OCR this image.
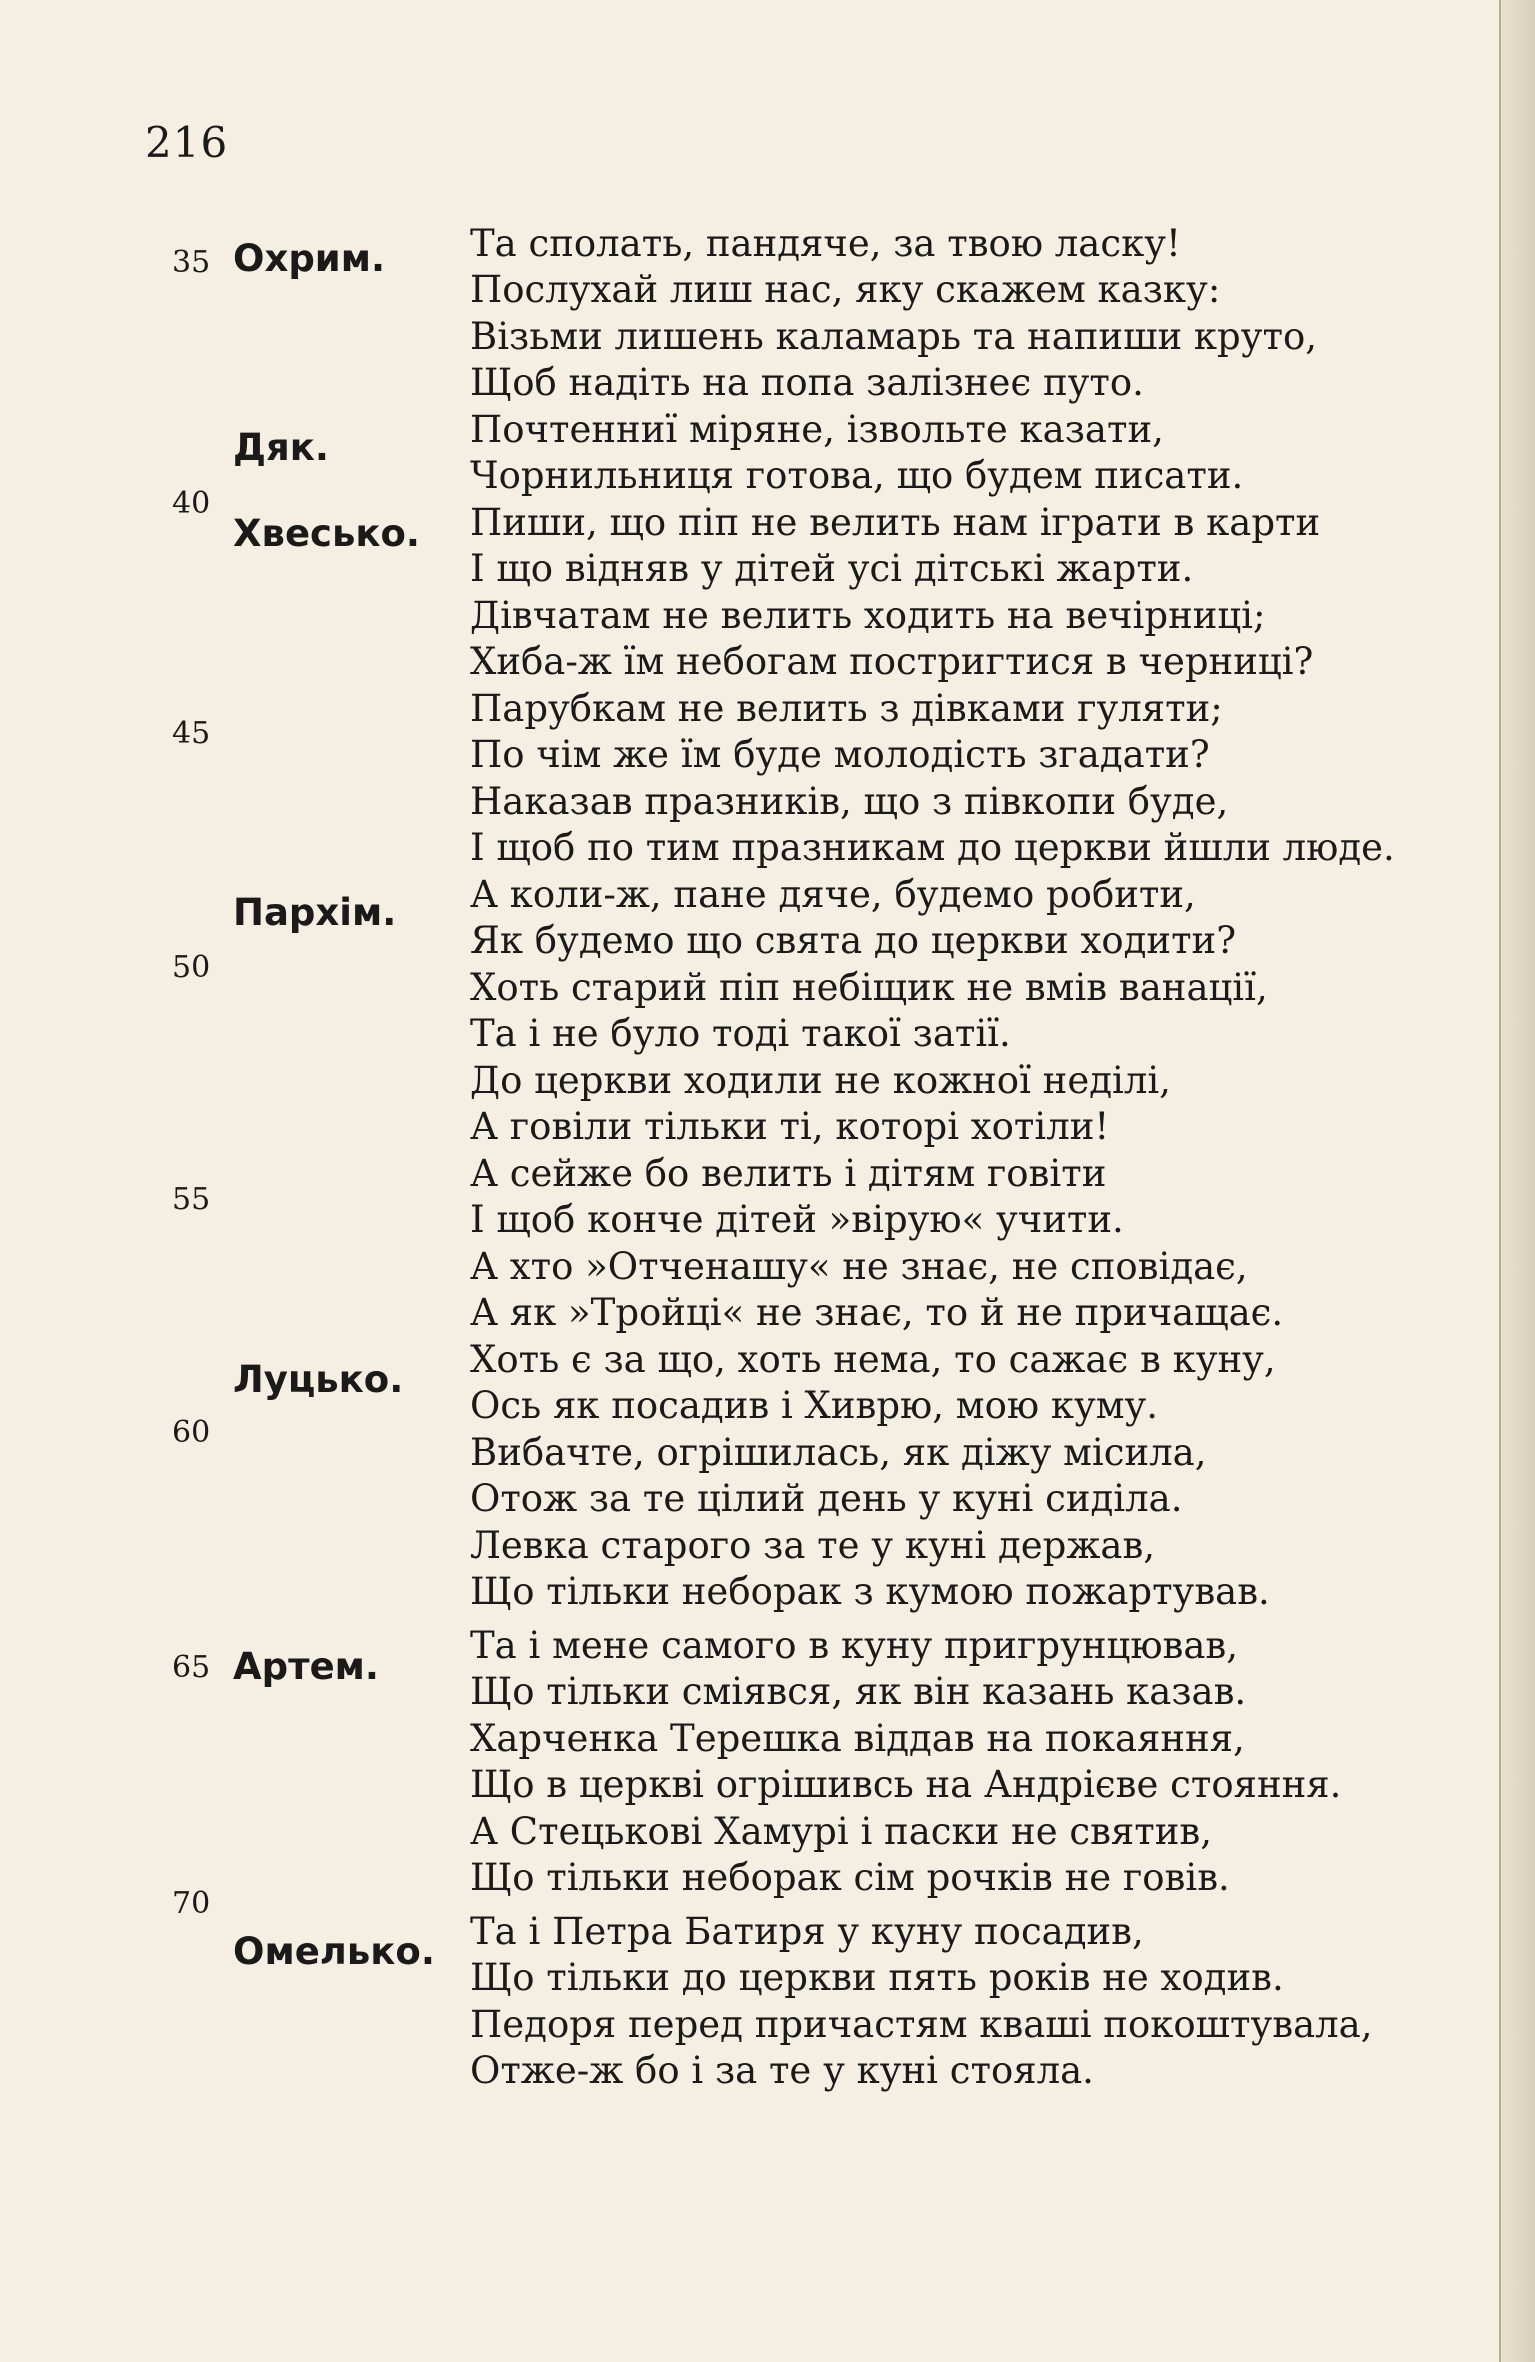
216
Охрим.
Дяк.
Хвесько.
Пархім.
Луцько.
Артем.
Омелько.
35
40
45
50
55
60
65
70
Та сполать, пандяче, за твою ласку!
Послухай лиш нас, яку скажем казку:
Візьми лишень каламарь та напиши круто,
Щоб надіть на попа залізнеє путо.
Почтенниї міряне, ізвольте казати,
Чорнильниця готова, що будем писати.
Пиши, що піп не велить нам іграти в карти
І що відняв у дітей усі дітські жарти.
Дівчатам не велить ходить на вечірниці;
Хиба-ж їм небогам постригтися в черниці?
Парубкам не велить з дівками гуляти;
По чім же їм буде молодість згадати?
Наказав празників, що з півкопи буде,
І щоб по тим празникам до церкви йшли люде.
А коли-ж, пане дяче, будемо робити,
Як будемо що свята до церкви ходити?
Хоть старий піп небіщик не вмів ванації,
Та і не було тоді такої затії.
До церкви ходили не кожної неділі,
А говіли тільки ті, которі хотіли!
А сейже бо велить і дітям говіти
І щоб конче дітей »вірую« учити.
А хто »Отченашу« не знає, не сповідає,
А як »Тройці« не знає, то й не причащає.
Хоть є за що, хоть нема, то сажає в куну,
Ось як посадив і Хиврю, мою куму.
Вибачте, огрішилась, як діжу місила,
Отож за те цілий день у куні сиділа.
Левка старого за те у куні держав,
Що тільки неборак з кумою пожартував.
Та і мене самого в куну пригрунцював,
Що тільки сміявся, як він казань казав.
Харченка Терешка віддав на покаяння,
Що в церкві огрішивсь на Андрієве стояння.
А Стецькові Хамурі і паски не святив,
Що тільки неборак сім рочків не говів.
Та і Петра Батиря у куну посадив,
Що тільки до церкви пять років не ходив.
Педоря перед причастям кваші покоштувала,
Отже-ж бо і за те у куні стояла.
